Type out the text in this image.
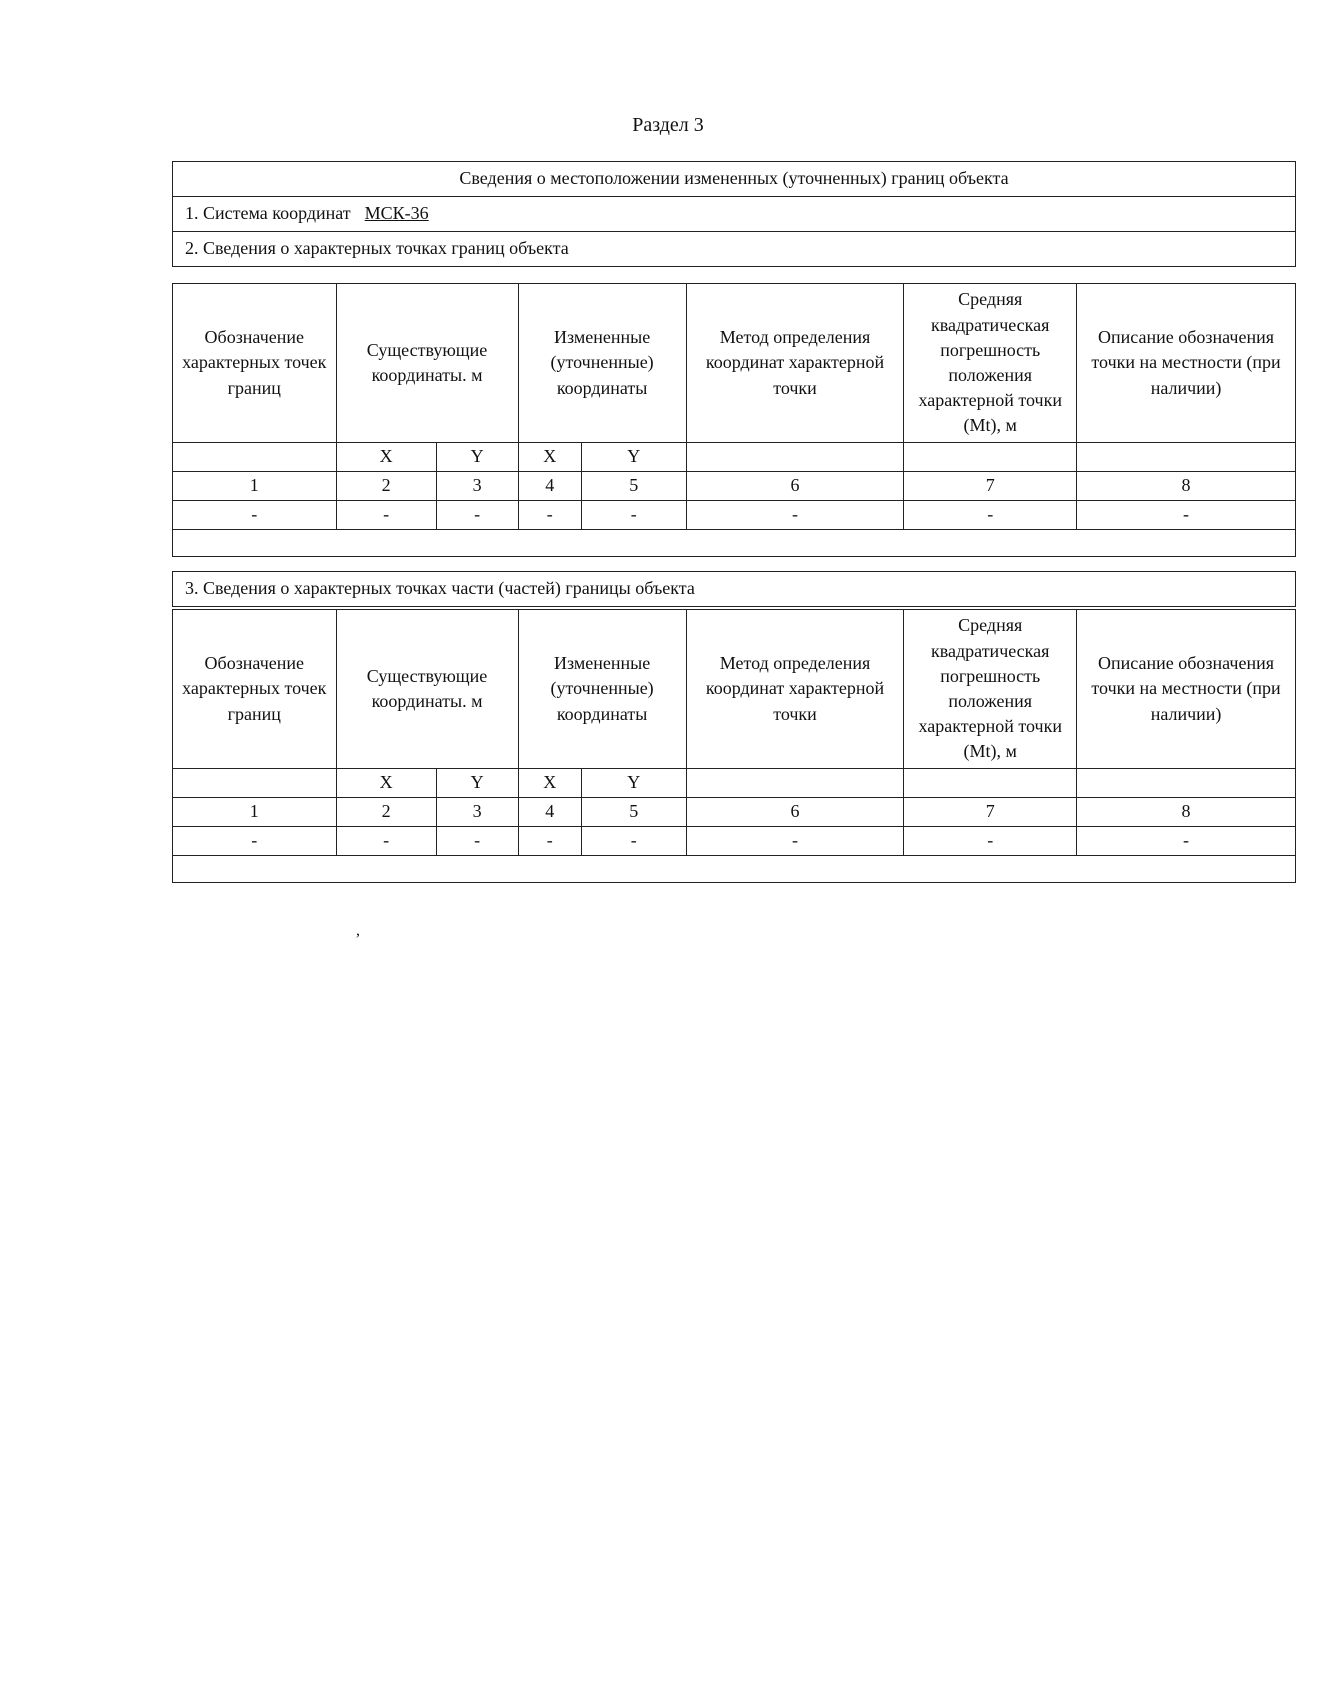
Раздел 3
Сведения о местоположении измененных (уточненных) границ объекта
1. Система координат МСК-36
2. Сведения о характерных точках границ объекта
Обозначение характерных точек границ	Существующие координаты. м		Измененные (уточненные) координаты		Метод определения координат характерной точки	Средняя квадратическая погрешность положения характерной точки (Mt), м	Описание обозначения точки на местности (при наличии)
	X	Y	X	Y			
1	2	3	4	5	6	7	8
-	-	-	-	-	-	-	-

3. Сведения о характерных точках части (частей) границы объекта
Обозначение характерных точек границ	Существующие координаты. м		Измененные (уточненные) координаты		Метод определения координат характерной точки	Средняя квадратическая погрешность положения характерной точки (Mt), м	Описание обозначения точки на местности (при наличии)
	X	Y	X	Y			
1	2	3	4	5	6	7	8
-	-	-	-	-	-	-	-

,
